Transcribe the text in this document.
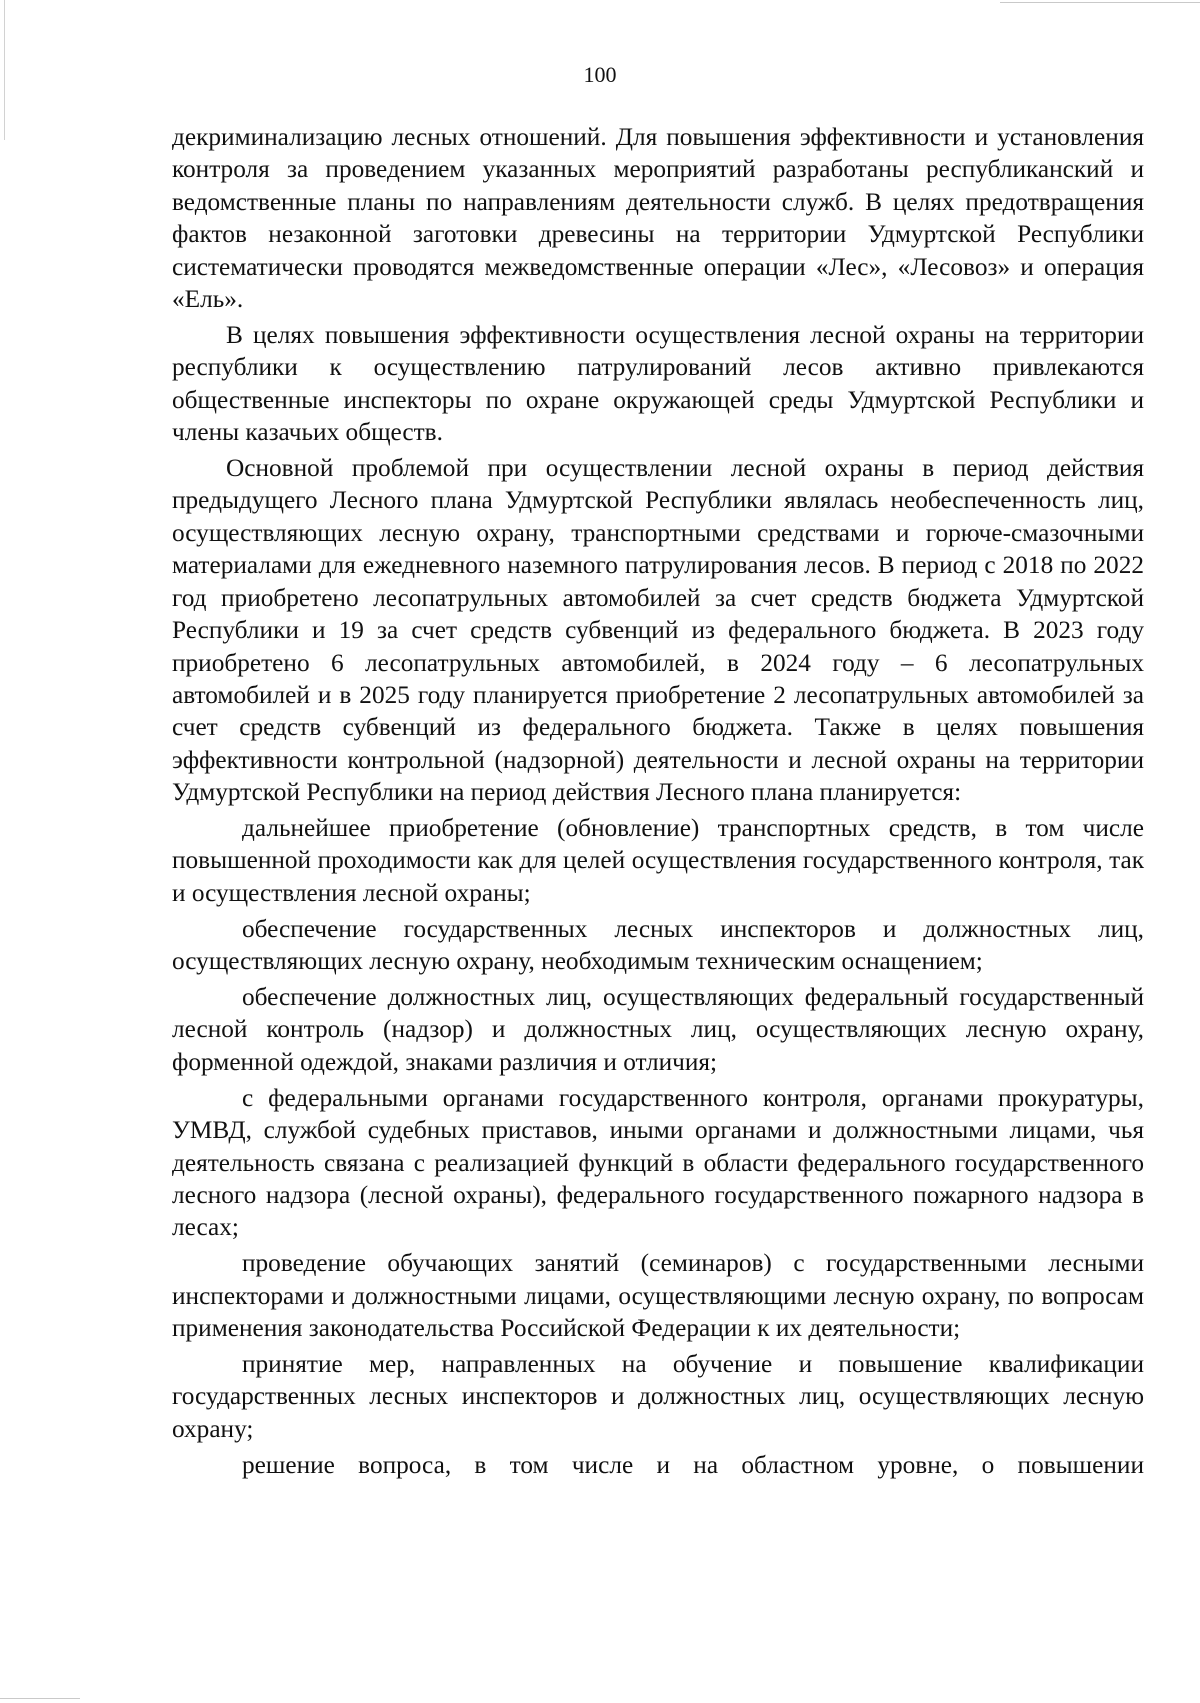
100

декриминализацию лесных отношений. Для повышения эффективности и установления контроля за проведением указанных мероприятий разработаны республиканский и ведомственные планы по направлениям деятельности служб. В целях предотвращения фактов незаконной заготовки древесины на территории Удмуртской Республики систематически проводятся межведомственные операции «Лес», «Лесовоз» и операция «Ель».

В целях повышения эффективности осуществления лесной охраны на территории республики к осуществлению патрулирований лесов активно привлекаются общественные инспекторы по охране окружающей среды Удмуртской Республики и члены казачьих обществ.

Основной проблемой при осуществлении лесной охраны в период действия предыдущего Лесного плана Удмуртской Республики являлась необеспеченность лиц, осуществляющих лесную охрану, транспортными средствами и горюче-смазочными материалами для ежедневного наземного патрулирования лесов. В период с 2018 по 2022 год приобретено лесопатрульных автомобилей за счет средств бюджета Удмуртской Республики и 19 за счет средств субвенций из федерального бюджета. В 2023 году приобретено 6 лесопатрульных автомобилей, в 2024 году – 6 лесопатрульных автомобилей и в 2025 году планируется приобретение 2 лесопатрульных автомобилей за счет средств субвенций из федерального бюджета. Также в целях повышения эффективности контрольной (надзорной) деятельности и лесной охраны на территории Удмуртской Республики на период действия Лесного плана планируется:

дальнейшее приобретение (обновление) транспортных средств, в том числе повышенной проходимости как для целей осуществления государственного контроля, так и осуществления лесной охраны;

обеспечение государственных лесных инспекторов и должностных лиц, осуществляющих лесную охрану, необходимым техническим оснащением;

обеспечение должностных лиц, осуществляющих федеральный государственный лесной контроль (надзор) и должностных лиц, осуществляющих лесную охрану, форменной одеждой, знаками различия и отличия;

с федеральными органами государственного контроля, органами прокуратуры, УМВД, службой судебных приставов, иными органами и должностными лицами, чья деятельность связана с реализацией функций в области федерального государственного лесного надзора (лесной охраны), федерального государственного пожарного надзора в лесах;

проведение обучающих занятий (семинаров) с государственными лесными инспекторами и должностными лицами, осуществляющими лесную охрану, по вопросам применения законодательства Российской Федерации к их деятельности;

принятие мер, направленных на обучение и повышение квалификации государственных лесных инспекторов и должностных лиц, осуществляющих лесную охрану;

решение вопроса, в том числе и на областном уровне, о повышении
